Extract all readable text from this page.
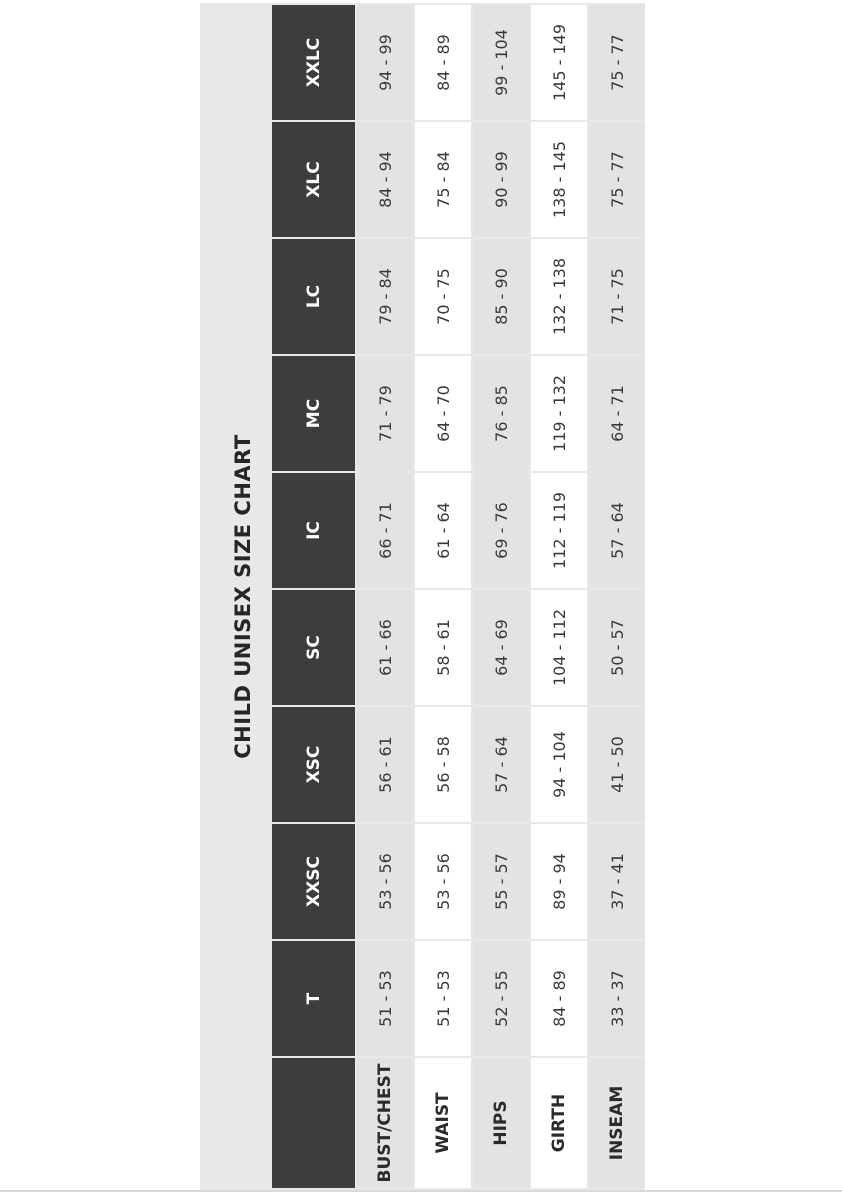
CHILD UNISEX SIZE CHART
	T	XXSC	XSC	SC	IC	MC	LC	XLC	XXLC
BUST/CHEST	51 - 53	53 - 56	56 - 61	61 - 66	66 - 71	71 - 79	79 - 84	84 - 94	94 - 99
WAIST	51 - 53	53 - 56	56 - 58	58 - 61	61 - 64	64 - 70	70 - 75	75 - 84	84 - 89
HIPS	52 - 55	55 - 57	57 - 64	64 - 69	69 - 76	76 - 85	85 - 90	90 - 99	99 - 104
GIRTH	84 - 89	89 - 94	94 - 104	104 - 112	112 - 119	119 - 132	132 - 138	138 - 145	145 - 149
INSEAM	33 - 37	37 - 41	41 - 50	50 - 57	57 - 64	64 - 71	71 - 75	75 - 77	75 - 77
